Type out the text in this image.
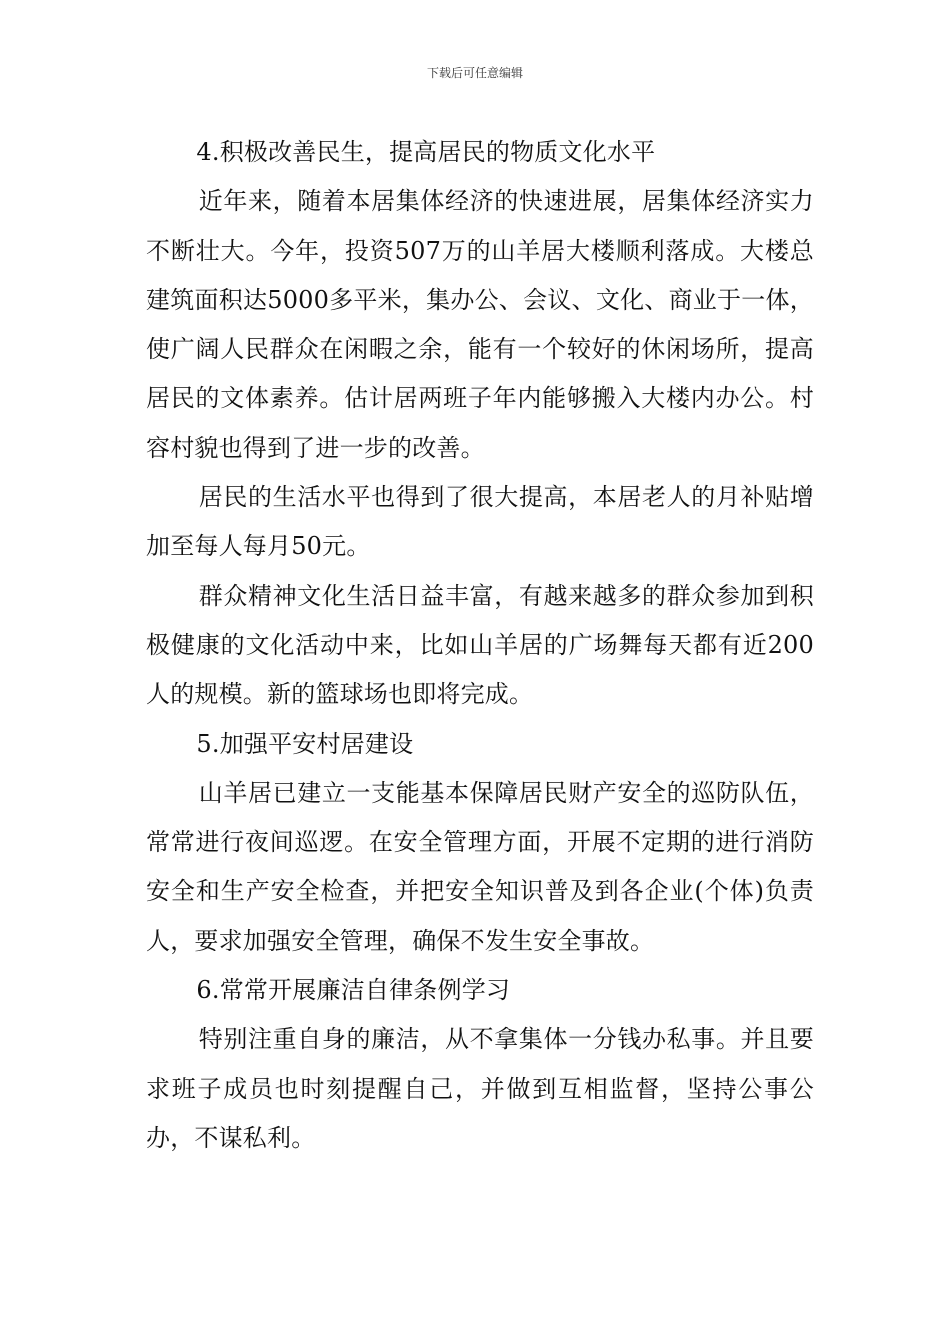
下载后可任意编辑

4.积极改善民生，提高居民的物质文化水平

近年来，随着本居集体经济的快速进展，居集体经济实力不断壮大。今年，投资507万的山羊居大楼顺利落成。大楼总建筑面积达5000多平米，集办公、会议、文化、商业于一体，使广阔人民群众在闲暇之余，能有一个较好的休闲场所，提高居民的文体素养。估计居两班子年内能够搬入大楼内办公。村容村貌也得到了进一步的改善。

居民的生活水平也得到了很大提高，本居老人的月补贴增加至每人每月50元。

群众精神文化生活日益丰富，有越来越多的群众参加到积极健康的文化活动中来，比如山羊居的广场舞每天都有近200人的规模。新的篮球场也即将完成。

5.加强平安村居建设

山羊居已建立一支能基本保障居民财产安全的巡防队伍，常常进行夜间巡逻。在安全管理方面，开展不定期的进行消防安全和生产安全检查，并把安全知识普及到各企业(个体)负责人，要求加强安全管理，确保不发生安全事故。

6.常常开展廉洁自律条例学习

特别注重自身的廉洁，从不拿集体一分钱办私事。并且要求班子成员也时刻提醒自己，并做到互相监督，坚持公事公办，不谋私利。
